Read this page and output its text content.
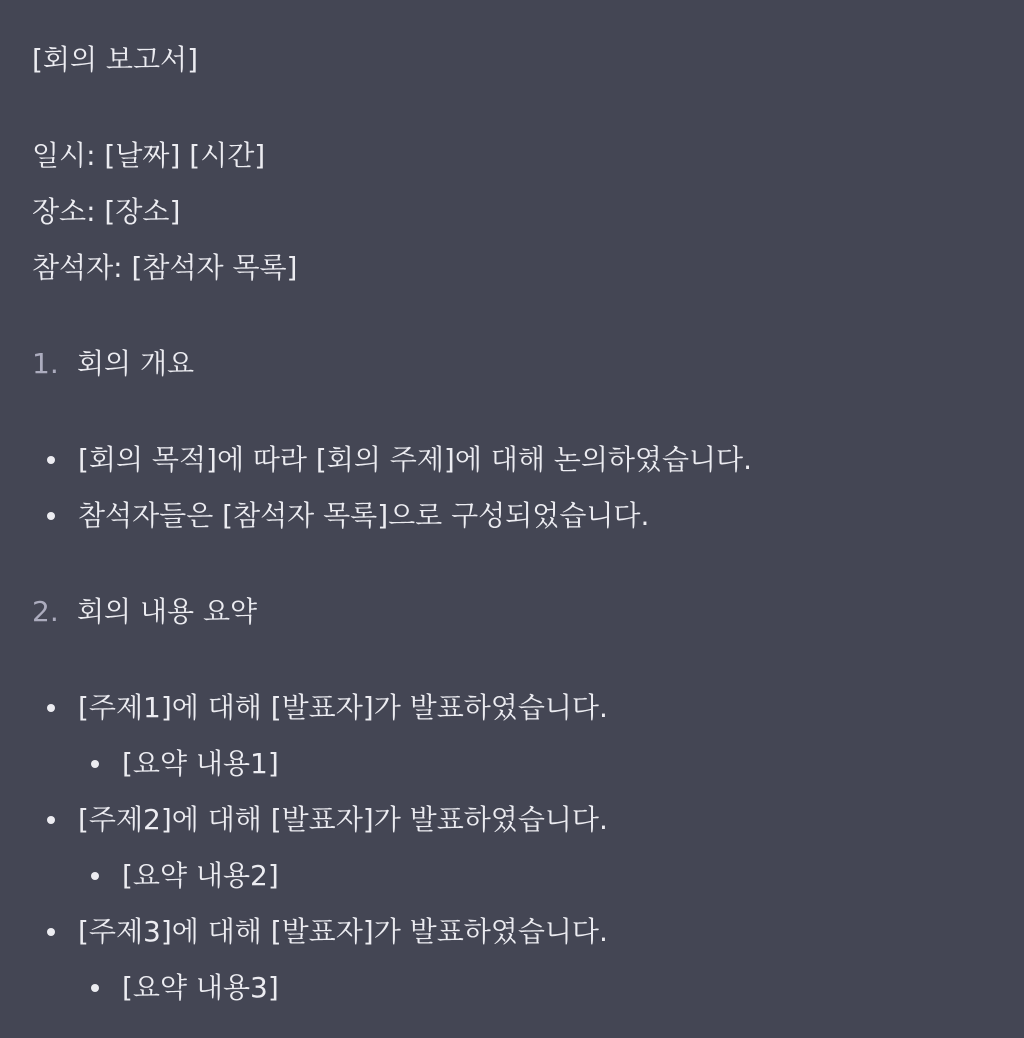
[회의 보고서]
일시: [날짜] [시간]
장소: [장소]
참석자: [참석자 목록]
1. 회의 개요
[회의 목적]에 따라 [회의 주제]에 대해 논의하였습니다.
참석자들은 [참석자 목록]으로 구성되었습니다.
2. 회의 내용 요약
[주제1]에 대해 [발표자]가 발표하였습니다.
[요약 내용1]
[주제2]에 대해 [발표자]가 발표하였습니다.
[요약 내용2]
[주제3]에 대해 [발표자]가 발표하였습니다.
[요약 내용3]
